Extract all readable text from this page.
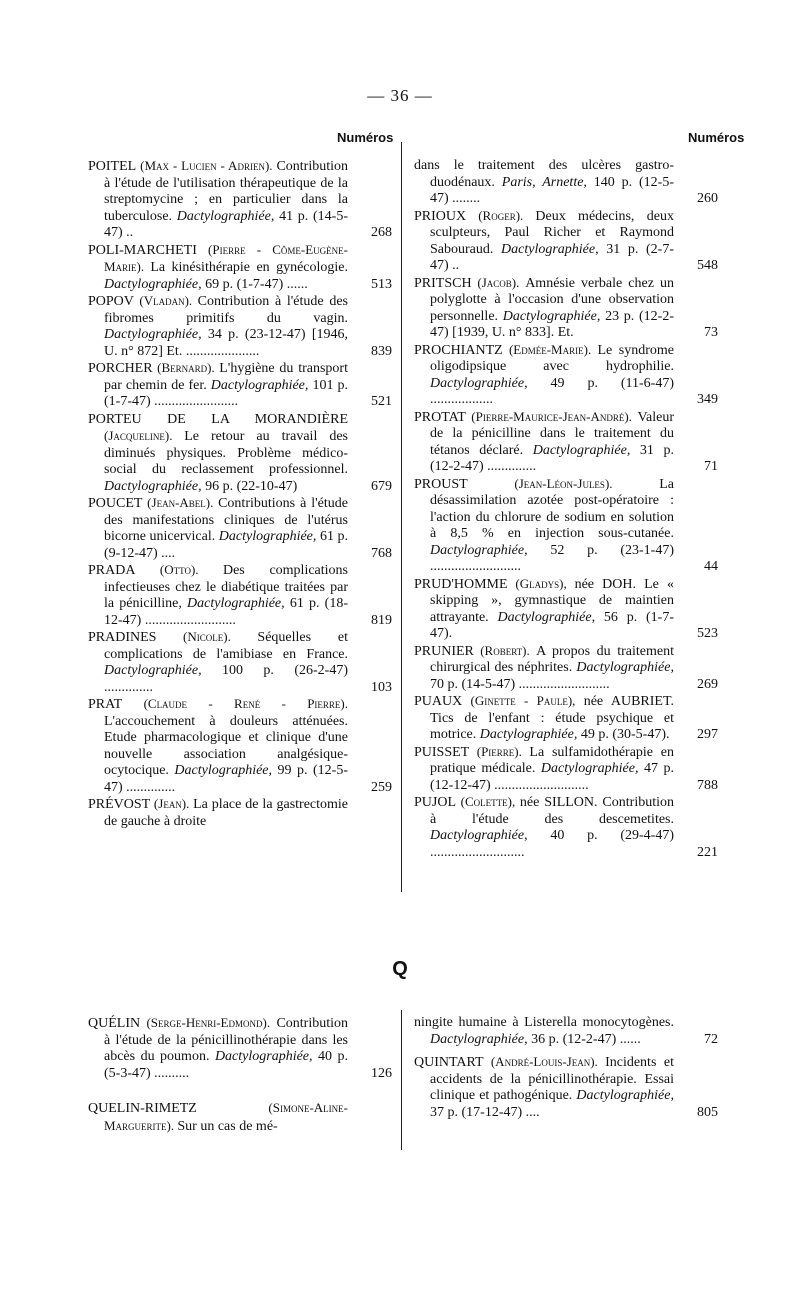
— 36 —
Numéros	Numéros
POITEL (Max - Lucien - Adrien). Contribution à l'étude de l'utilisation thérapeutique de la streptomycine ; en particulier dans la tuberculose. Dactylographiée, 41 p. (14-5-47) ..	268
POLI-MARCHETI (Pierre - Côme-Eugène-Marie). La kinésithérapie en gynécologie. Dactylographiée, 69 p. (1-7-47) ......	513
POPOV (Vladan). Contribution à l'étude des fibromes primitifs du vagin. Dactylographiée, 34 p. (23-12-47) [1946, U. n° 872] Et. .....................	839
PORCHER (Bernard). L'hygiène du transport par chemin de fer. Dactylographiée, 101 p. (1-7-47) ........................	521
PORTEU DE LA MORANDIÈRE (Jacqueline). Le retour au travail des diminués physiques. Problème médico-social du reclassement professionnel. Dactylographiée, 96 p. (22-10-47)	679
POUCET (Jean-Abel). Contributions à l'étude des manifestations cliniques de l'utérus bicorne unicervical. Dactylographiée, 61 p. (9-12-47) ....	768
PRADA (Otto). Des complications infectieuses chez le diabétique traitées par la pénicilline, Dactylographiée, 61 p. (18-12-47) ..........................	819
PRADINES (Nicole). Séquelles et complications de l'amibiase en France. Dactylographiée, 100 p. (26-2-47) ..............	103
PRAT (Claude - René - Pierre). L'accouchement à douleurs atténuées. Etude pharmacologique et clinique d'une nouvelle association analgésique-ocytocique. Dactylographiée, 99 p. (12-5-47) ..............	259
PRÉVOST (Jean). La place de la gastrectomie de gauche à droite
dans le traitement des ulcères gastro-duodénaux. Paris, Arnette, 140 p. (12-5-47) ........	260
PRIOUX (Roger). Deux médecins, deux sculpteurs, Paul Richer et Raymond Sabouraud. Dactylographiée, 31 p. (2-7-47) ..	548
PRITSCH (Jacob). Amnésie verbale chez un polyglotte à l'occasion d'une observation personnelle. Dactylographiée, 23 p. (12-2-47) [1939, U. n° 833]. Et.	73
PROCHIANTZ (Edmée-Marie). Le syndrome oligodipsique avec hydrophilie. Dactylographiée, 49 p. (11-6-47) ..................	349
PROTAT (Pierre-Maurice-Jean-André). Valeur de la pénicilline dans le traitement du tétanos déclaré. Dactylographiée, 31 p. (12-2-47) ..............	71
PROUST (Jean-Léon-Jules). La désassimilation azotée post-opératoire : l'action du chlorure de sodium en solution à 8,5 % en injection sous-cutanée. Dactylographiée, 52 p. (23-1-47) ..........................	44
PRUD'HOMME (Gladys), née DOH. Le « skipping », gymnastique de maintien attrayante. Dactylographiée, 56 p. (1-7-47).	523
PRUNIER (Robert). A propos du traitement chirurgical des néphrites. Dactylographiée, 70 p. (14-5-47) ..........................	269
PUAUX (Ginette - Paule), née AUBRIET. Tics de l'enfant : étude psychique et motrice. Dactylographiée, 49 p. (30-5-47). 297
PUISSET (Pierre). La sulfamidothérapie en pratique médicale. Dactylographiée, 47 p. (12-12-47) ...........................	788
PUJOL (Colette), née SILLON. Contribution à l'étude des descemetites. Dactylographiée, 40 p. (29-4-47) ...........................	221
Q
QUÉLIN (Serge-Henri-Edmond). Contribution à l'étude de la pénicillinothérapie dans les abcès du poumon. Dactylographiée, 40 p. (5-3-47) ..........	126
QUELIN-RIMETZ (Simone-Aline-Marguerite). Sur un cas de mé-
ningite humaine à Listerella monocytogènes. Dactylographiée, 36 p. (12-2-47) ......	72
QUINTART (André-Louis-Jean). Incidents et accidents de la pénicillinothérapie. Essai clinique et pathogénique. Dactylographiée, 37 p. (17-12-47) ....	805
